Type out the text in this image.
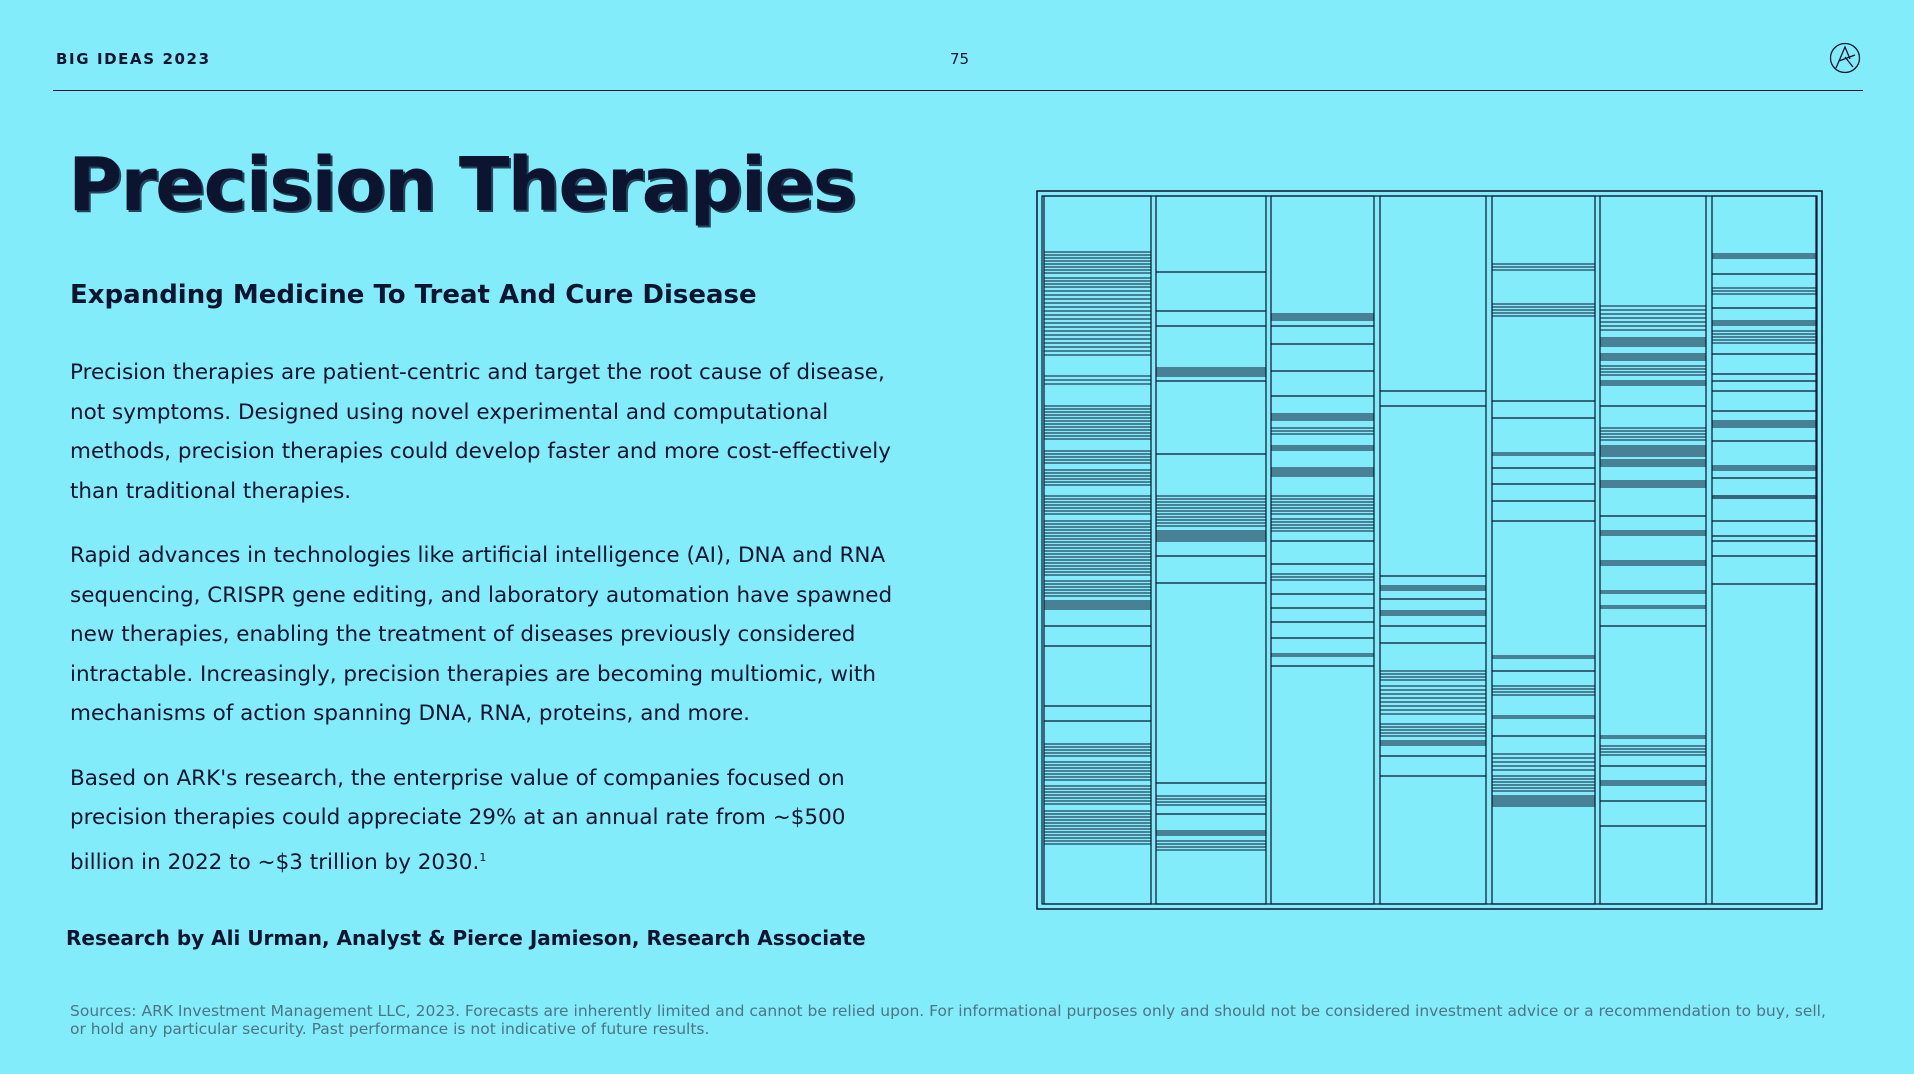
BIG IDEAS 2023	75
Precision Therapies
Expanding Medicine To Treat And Cure Disease

Precision therapies are patient-centric and target the root cause of disease, not symptoms. Designed using novel experimental and computational methods, precision therapies could develop faster and more cost-effectively than traditional therapies.

Rapid advances in technologies like artificial intelligence (AI), DNA and RNA sequencing, CRISPR gene editing, and laboratory automation have spawned new therapies, enabling the treatment of diseases previously considered intractable. Increasingly, precision therapies are becoming multiomic, with mechanisms of action spanning DNA, RNA, proteins, and more.

Based on ARK's research, the enterprise value of companies focused on precision therapies could appreciate 29% at an annual rate from ~$500 billion in 2022 to ~$3 trillion by 2030.$^1$

Research by Ali Urman, Analyst & Pierce Jamieson, Research Associate
Sources: ARK Investment Management LLC, 2023. Forecasts are inherently limited and cannot be relied upon. For informational purposes only and should not be considered investment advice or a recommendation to buy, sell, or hold any particular security. Past performance is not indicative of future results.
